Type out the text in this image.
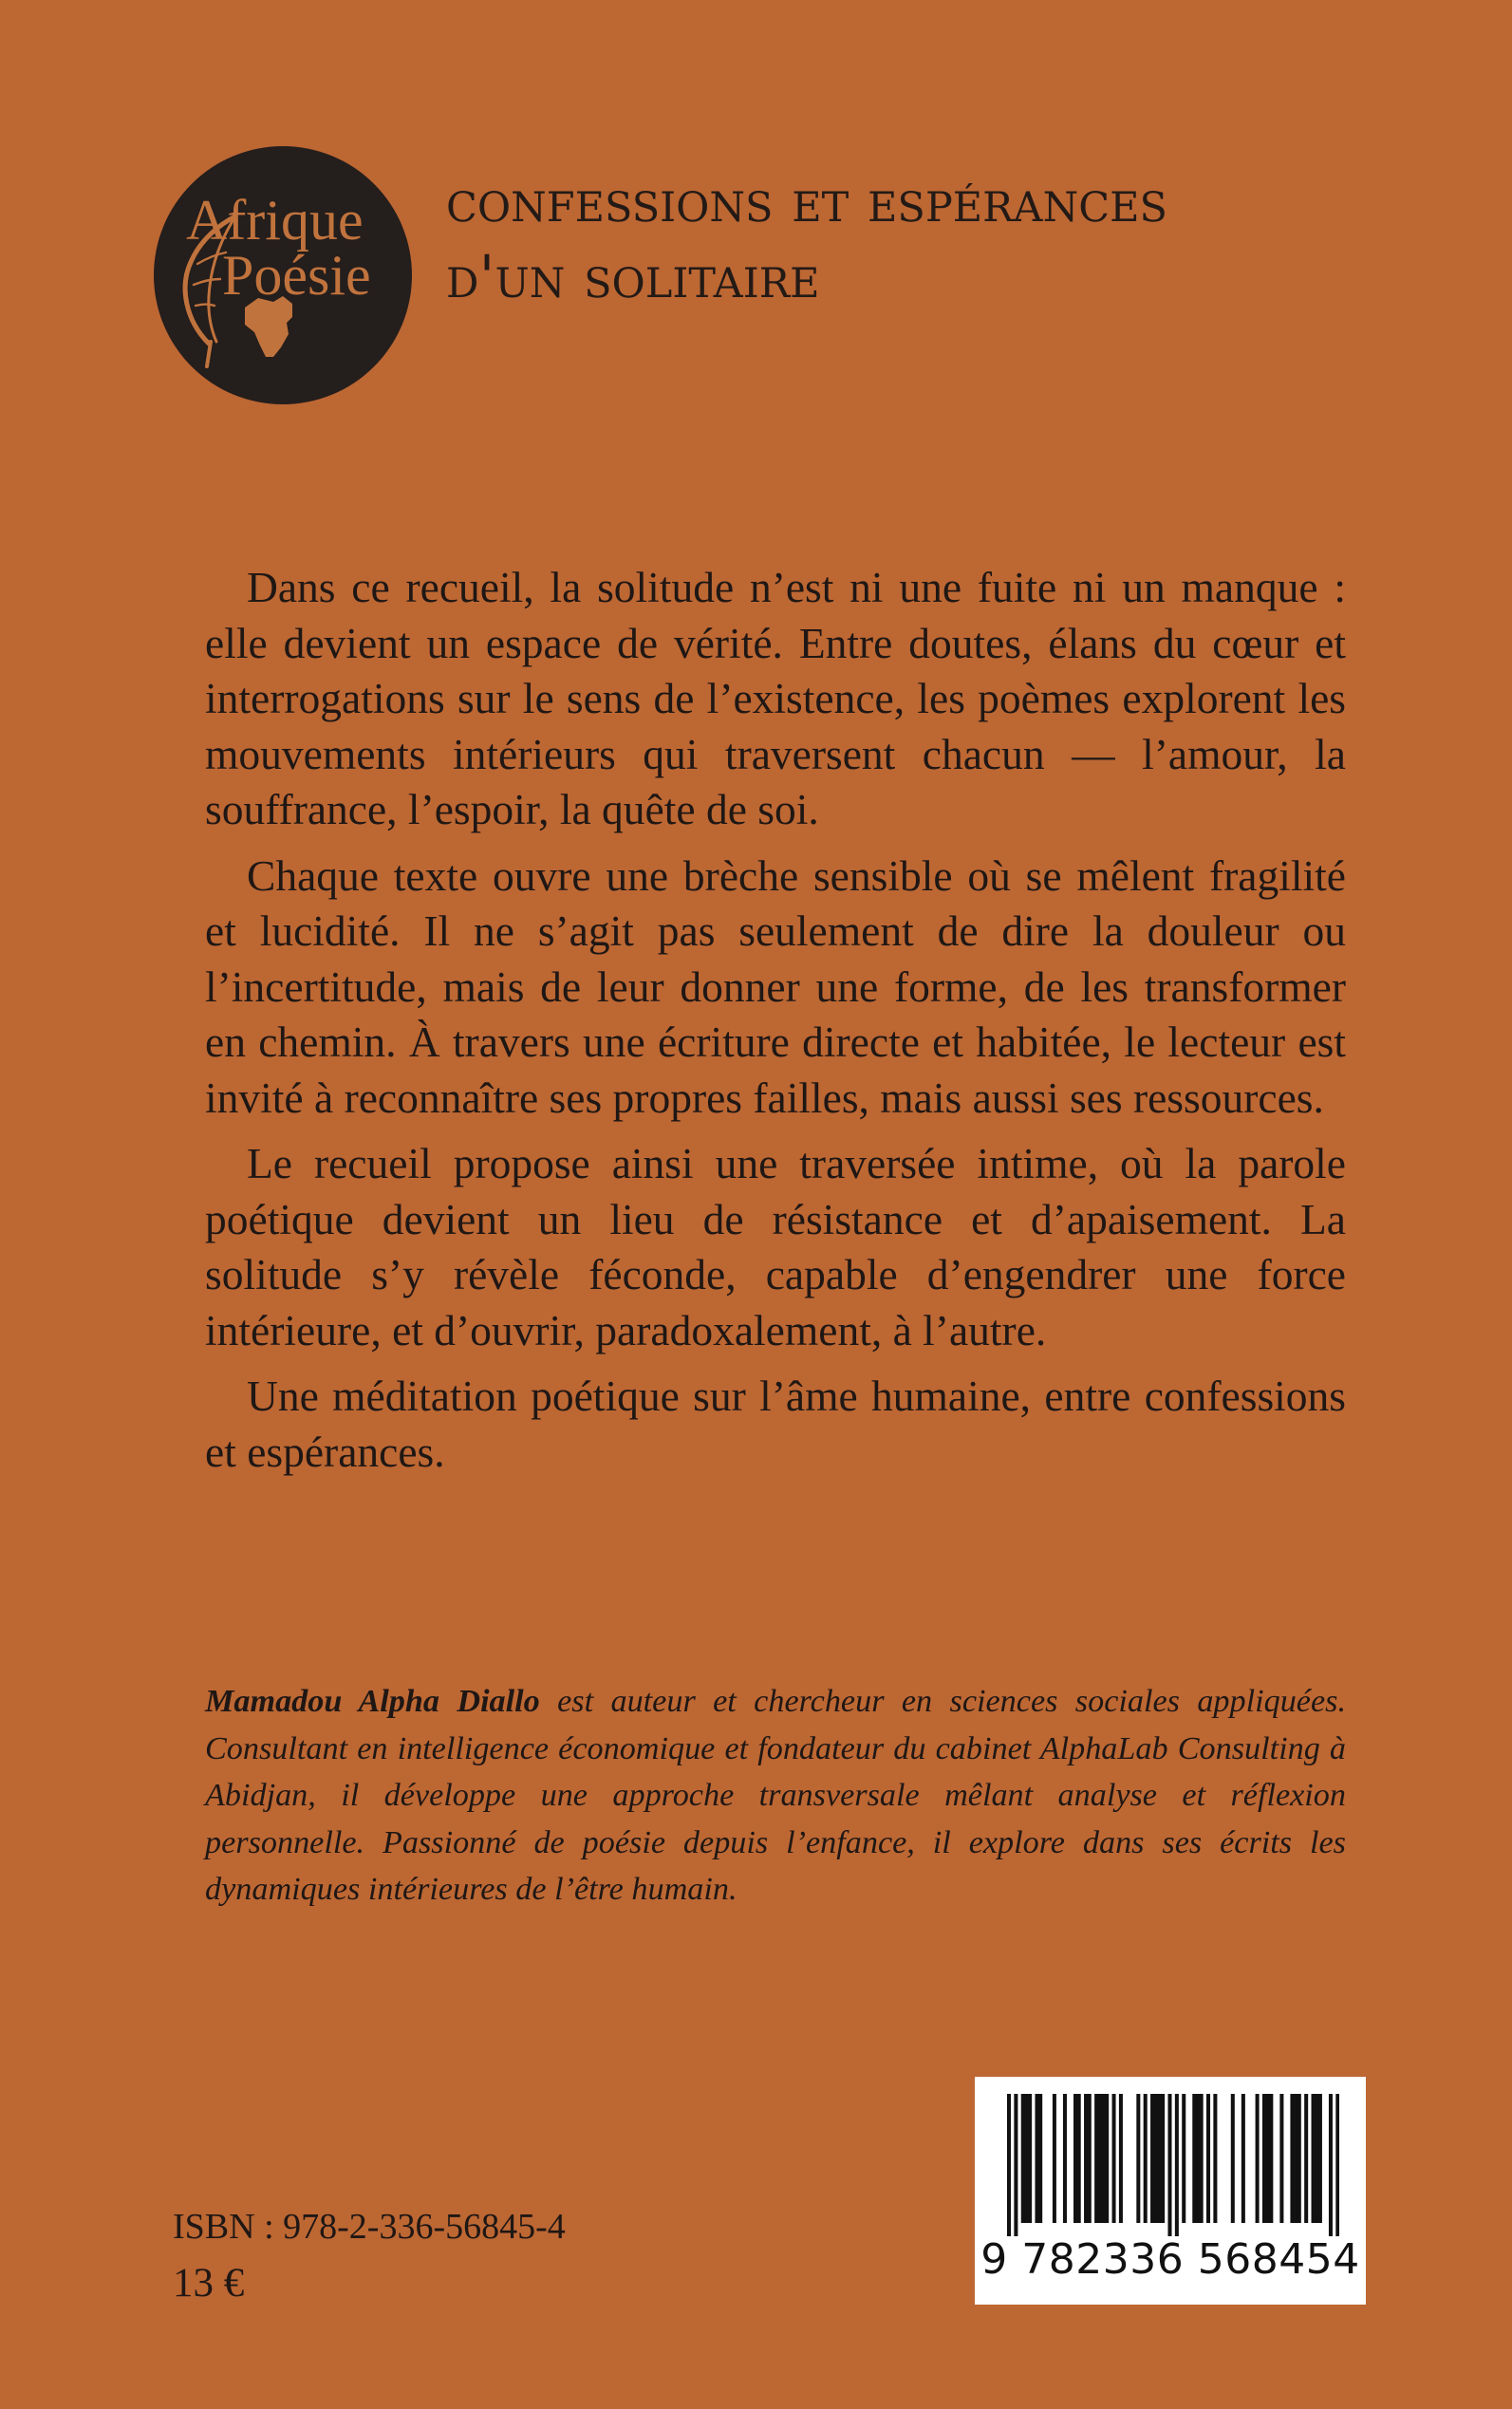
Afrique
Poésie
confessions et espérances
d'un solitaire

Dans ce recueil, la solitude n’est ni une fuite ni un manque : elle devient un espace de vérité. Entre doutes, élans du cœur et interrogations sur le sens de l’existence, les poèmes explorent les mouvements intérieurs qui traversent chacun — l’amour, la souffrance, l’espoir, la quête de soi.

Chaque texte ouvre une brèche sensible où se mêlent fragilité et lucidité. Il ne s’agit pas seulement de dire la douleur ou l’incertitude, mais de leur donner une forme, de les transformer en chemin. À travers une écriture directe et habitée, le lecteur est invité à reconnaître ses propres failles, mais aussi ses ressources.

Le recueil propose ainsi une traversée intime, où la parole poétique devient un lieu de résistance et d’apaisement. La solitude s’y révèle féconde, capable d’engendrer une force intérieure, et d’ouvrir, paradoxalement, à l’autre.

Une méditation poétique sur l’âme humaine, entre confessions et espérances.

Mamadou Alpha Diallo est auteur et chercheur en sciences sociales appliquées. Consultant en intelligence économique et fondateur du cabinet AlphaLab Consulting à Abidjan, il développe une approche transversale mêlant analyse et réflexion personnelle. Passionné de poésie depuis l’enfance, il explore dans ses écrits les dynamiques intérieures de l’être humain.

ISBN : 978-2-336-56845-4
13 €	9 782336 568454
